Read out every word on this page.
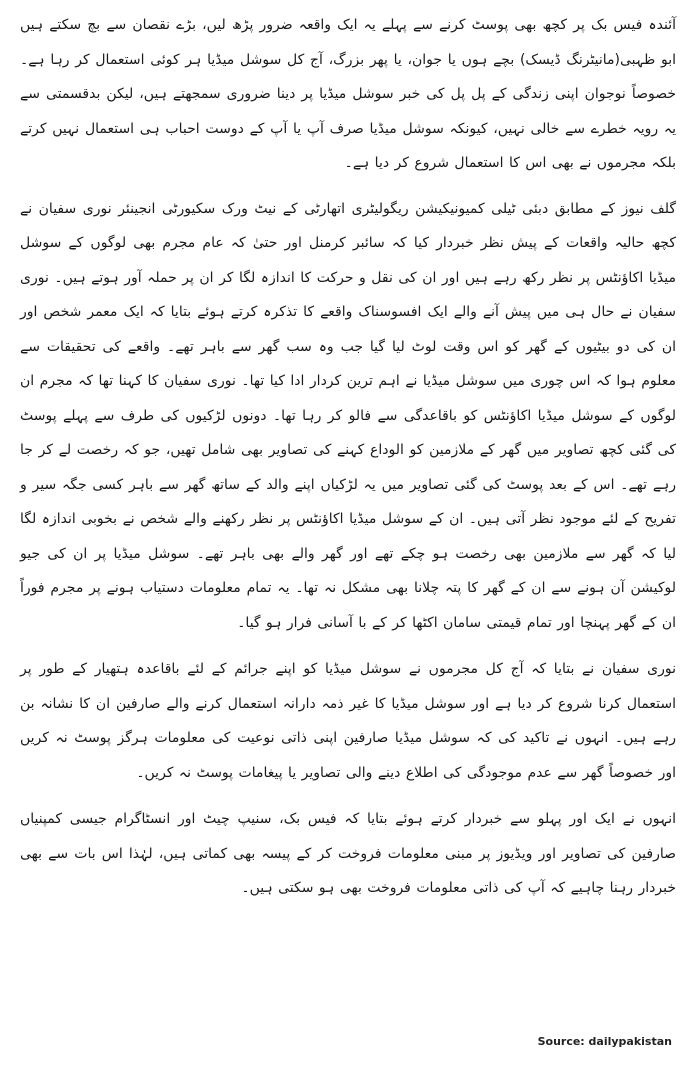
آئندہ فیس بک پر کچھ بھی پوسٹ کرنے سے پہلے یہ ایک واقعہ ضرور پڑھ لیں، بڑے نقصان سے بچ سکتے ہیں ابو ظہبی(مانیٹرنگ ڈیسک) بچے ہوں یا جوان، یا پھر بزرگ، آج کل سوشل میڈیا ہر کوئی استعمال کر رہا ہے۔ خصوصاً نوجوان اپنی زندگی کے پل پل کی خبر سوشل میڈیا پر دینا ضروری سمجھتے ہیں، لیکن بدقسمتی سے یہ رویہ خطرے سے خالی نہیں، کیونکہ سوشل میڈیا صرف آپ یا آپ کے دوست احباب ہی استعمال نہیں کرتے بلکہ مجرموں نے بھی اس کا استعمال شروع کر دیا ہے۔

گلف نیوز کے مطابق دبئی ٹیلی کمیونیکیشن ریگولیٹری اتھارٹی کے نیٹ ورک سکیورٹی انجینئر نوری سفیان نے کچھ حالیہ واقعات کے پیش نظر خبردار کیا کہ سائبر کرمنل اور حتیٰ کہ عام مجرم بھی لوگوں کے سوشل میڈیا اکاؤنٹس پر نظر رکھ رہے ہیں اور ان کی نقل و حرکت کا اندازہ لگا کر ان پر حملہ آور ہوتے ہیں۔ نوری سفیان نے حال ہی میں پیش آنے والے ایک افسوسناک واقعے کا تذکرہ کرتے ہوئے بتایا کہ ایک معمر شخص اور ان کی دو بیٹیوں کے گھر کو اس وقت لوٹ لیا گیا جب وہ سب گھر سے باہر تھے۔ واقعے کی تحقیقات سے معلوم ہوا کہ اس چوری میں سوشل میڈیا نے اہم ترین کردار ادا کیا تھا۔ نوری سفیان کا کہنا تھا کہ مجرم ان لوگوں کے سوشل میڈیا اکاؤنٹس کو باقاعدگی سے فالو کر رہا تھا۔ دونوں لڑکیوں کی طرف سے پہلے پوسٹ کی گئی کچھ تصاویر میں گھر کے ملازمین کو الوداع کہنے کی تصاویر بھی شامل تھیں، جو کہ رخصت لے کر جا رہے تھے۔ اس کے بعد پوسٹ کی گئی تصاویر میں یہ لڑکیاں اپنے والد کے ساتھ گھر سے باہر کسی جگہ سیر و تفریح کے لئے موجود نظر آتی ہیں۔ ان کے سوشل میڈیا اکاؤنٹس پر نظر رکھنے والے شخص نے بخوبی اندازہ لگا لیا کہ گھر سے ملازمین بھی رخصت ہو چکے تھے اور گھر والے بھی باہر تھے۔ سوشل میڈیا پر ان کی جیو لوکیشن آن ہونے سے ان کے گھر کا پتہ چلانا بھی مشکل نہ تھا۔ یہ تمام معلومات دستیاب ہونے پر مجرم فوراً ان کے گھر پہنچا اور تمام قیمتی سامان اکٹھا کر کے با آسانی فرار ہو گیا۔

نوری سفیان نے بتایا کہ آج کل مجرموں نے سوشل میڈیا کو اپنے جرائم کے لئے باقاعدہ ہتھیار کے طور پر استعمال کرنا شروع کر دیا ہے اور سوشل میڈیا کا غیر ذمہ دارانہ استعمال کرنے والے صارفین ان کا نشانہ بن رہے ہیں۔ انہوں نے تاکید کی کہ سوشل میڈیا صارفین اپنی ذاتی نوعیت کی معلومات ہرگز پوسٹ نہ کریں اور خصوصاً گھر سے عدم موجودگی کی اطلاع دینے والی تصاویر یا پیغامات پوسٹ نہ کریں۔

انہوں نے ایک اور پہلو سے خبردار کرتے ہوئے بتایا کہ فیس بک، سنیپ چیٹ اور انسٹاگرام جیسی کمپنیاں صارفین کی تصاویر اور ویڈیوز پر مبنی معلومات فروخت کر کے پیسہ بھی کماتی ہیں، لہٰذا اس بات سے بھی خبردار رہنا چاہیے کہ آپ کی ذاتی معلومات فروخت بھی ہو سکتی ہیں۔

Source: dailypakistan
